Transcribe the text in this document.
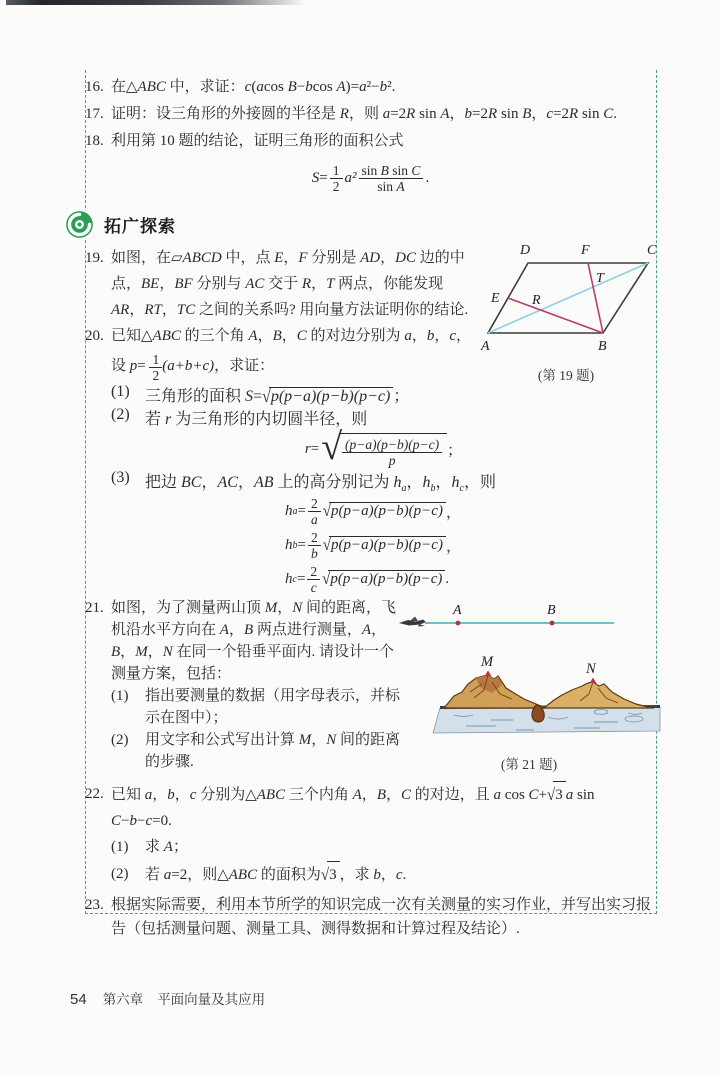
16. 在△ABC 中，求证：c(acos B−bcos A)=a²−b².
17. 证明：设三角形的外接圆的半径是 R，则 a=2R sin A，b=2R sin B，c=2R sin C.
18. 利用第 10 题的结论，证明三角形的面积公式
$S = \frac{1}{2} a^2 \frac{\text{sin B sin C}}{\text{sin A}}$ .
拓广探索
19. 如图，在▱ABCD 中，点 E，F 分别是 AD，DC 边的中点，BE，BF 分别与 AC 交于 R，T 两点，你能发现 AR，RT，TC 之间的关系吗? 用向量方法证明你的结论.
20. 已知△ABC 的三个角 A，B，C 的对边分别为 a，b，c，
设 $p= \frac{1}{2} (a+b+c)$，求证：
(1) 三角形的面积 S=√p(p−a)(p−b)(p−c) ；
(2) 若 r 为三角形的内切圆半径，则
r = √ $\frac{(p-a)(p-b)(p-c)}{p}$ ；
(3) 把边 BC，AC，AB 上的高分别记为 $h_a$，$h_b$，$h_c$，则
h $a = \frac{2}{a} √p(p-a)(p-b)(p-c)$ ，
h $b = \frac{2}{b} √p(p-a)(p-b)(p-c)$ ，
h $c = \frac{2}{c} √p(p-a)(p-b)(p-c)$ .
21. 如图，为了测量两山顶 M，N 间的距离，飞机沿水平方向在 A，B 两点进行测量，A，B，M，N 在同一个铅垂平面内. 请设计一个测量方案，包括：
(1) 指出要测量的数据（用字母表示，并标示在图中）；
(2) 用文字和公式写出计算 M，N 间的距离的步骤.
22. 已知 a，b，c 分别为△ABC 三个内角 A，B，C 的对边，且 a cos C+√3 a sin C−b−c=0.
(1) 求 A；
(2) 若 a=2，则△ABC 的面积为√3 ，求 b，c.
23. 根据实际需要，利用本节所学的知识完成一次有关测量的实习作业，并写出实习报告（包括测量问题、测量工具、测得数据和计算过程及结论）.
A	B
C
D
E
F
R
T
(第 19 题)
A	B
M	N
(第 21 题)
54 第六章 平面向量及其应用
